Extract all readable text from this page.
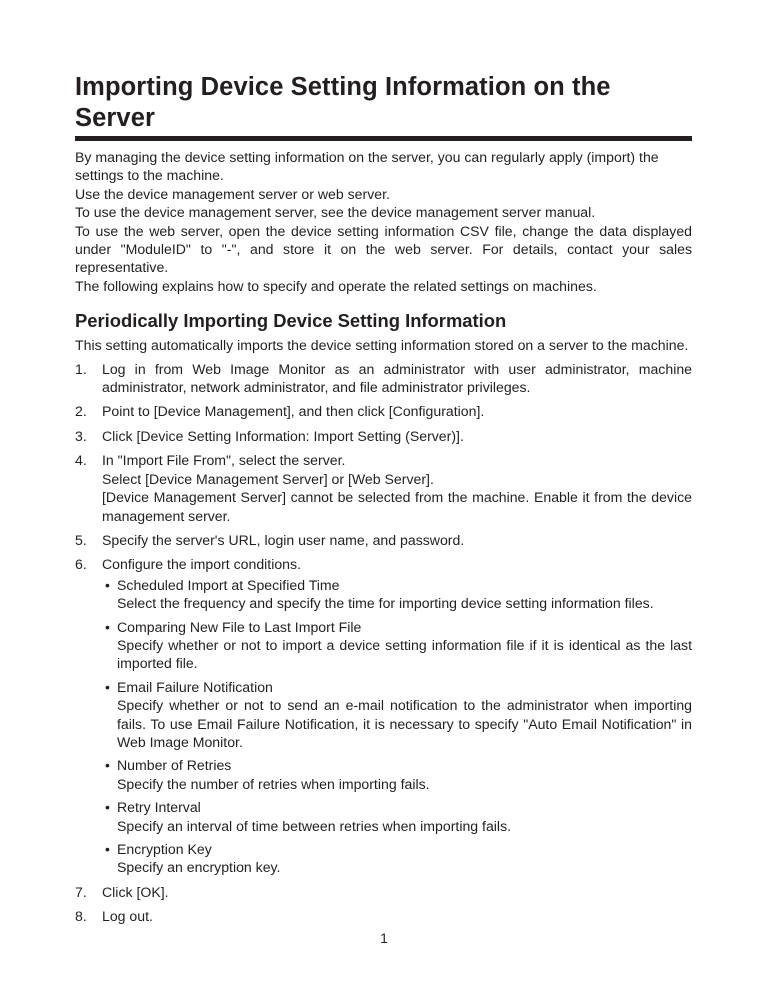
Importing Device Setting Information on the Server

By managing the device setting information on the server, you can regularly apply (import) the settings to the machine.

Use the device management server or web server.

To use the device management server, see the device management server manual.

To use the web server, open the device setting information CSV file, change the data displayed under "ModuleID" to "-", and store it on the web server. For details, contact your sales representative.

The following explains how to specify and operate the related settings on machines.

Periodically Importing Device Setting Information

This setting automatically imports the device setting information stored on a server to the machine.

1. Log in from Web Image Monitor as an administrator with user administrator, machine administrator, network administrator, and file administrator privileges.
2. Point to [Device Management], and then click [Configuration].
3. Click [Device Setting Information: Import Setting (Server)].
4. In "Import File From", select the server.
Select [Device Management Server] or [Web Server].
[Device Management Server] cannot be selected from the machine. Enable it from the device management server.
5. Specify the server's URL, login user name, and password.
6. Configure the import conditions.
• Scheduled Import at Specified Time
Select the frequency and specify the time for importing device setting information files.
• Comparing New File to Last Import File
Specify whether or not to import a device setting information file if it is identical as the last imported file.
• Email Failure Notification
Specify whether or not to send an e-mail notification to the administrator when importing fails. To use Email Failure Notification, it is necessary to specify "Auto Email Notification" in Web Image Monitor.
• Number of Retries
Specify the number of retries when importing fails.
• Retry Interval
Specify an interval of time between retries when importing fails.
• Encryption Key
Specify an encryption key.
7. Click [OK].
8. Log out.
1
